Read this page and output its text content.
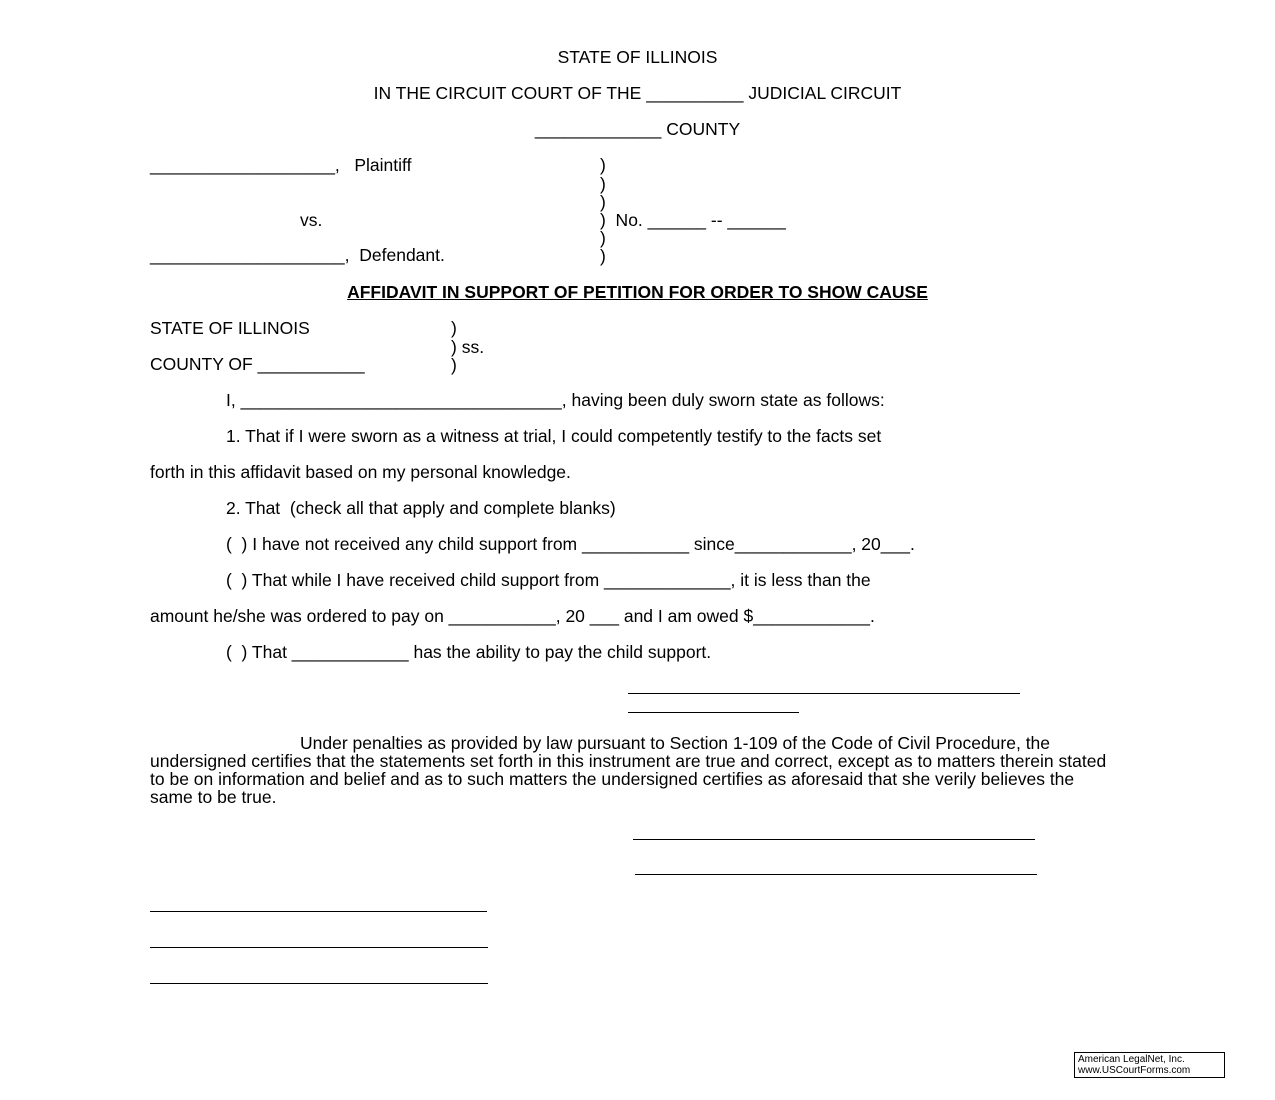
STATE OF ILLINOIS
IN THE CIRCUIT COURT OF THE __________ JUDICIAL CIRCUIT
_____________ COUNTY
___________________,   Plaintiff
vs.
____________________,  Defendant.
)
)
)
)  No. ______ -- ______
)
)
AFFIDAVIT IN SUPPORT OF PETITION FOR ORDER TO SHOW CAUSE
STATE OF ILLINOIS	)
) ss.
COUNTY OF ___________	)
I, _________________________________, having been duly sworn state as follows:
1. That if I were sworn as a witness at trial, I could competently testify to the facts set
forth in this affidavit based on my personal knowledge.
2. That  (check all that apply and complete blanks)
(  ) I have not received any child support from ___________ since____________, 20___.
(  ) That while I have received child support from _____________, it is less than the
amount he/she was ordered to pay on ___________, 20 ___ and I am owed $____________.
(  ) That ____________ has the ability to pay the child support.
Under penalties as provided by law pursuant to Section 1-109 of the Code of Civil Procedure, the undersigned certifies that the statements set forth in this instrument are true and correct, except as to matters therein stated to be on information and belief and as to such matters the undersigned certifies as aforesaid that she verily believes the same to be true.
American LegalNet, Inc.
www.USCourtForms.com
